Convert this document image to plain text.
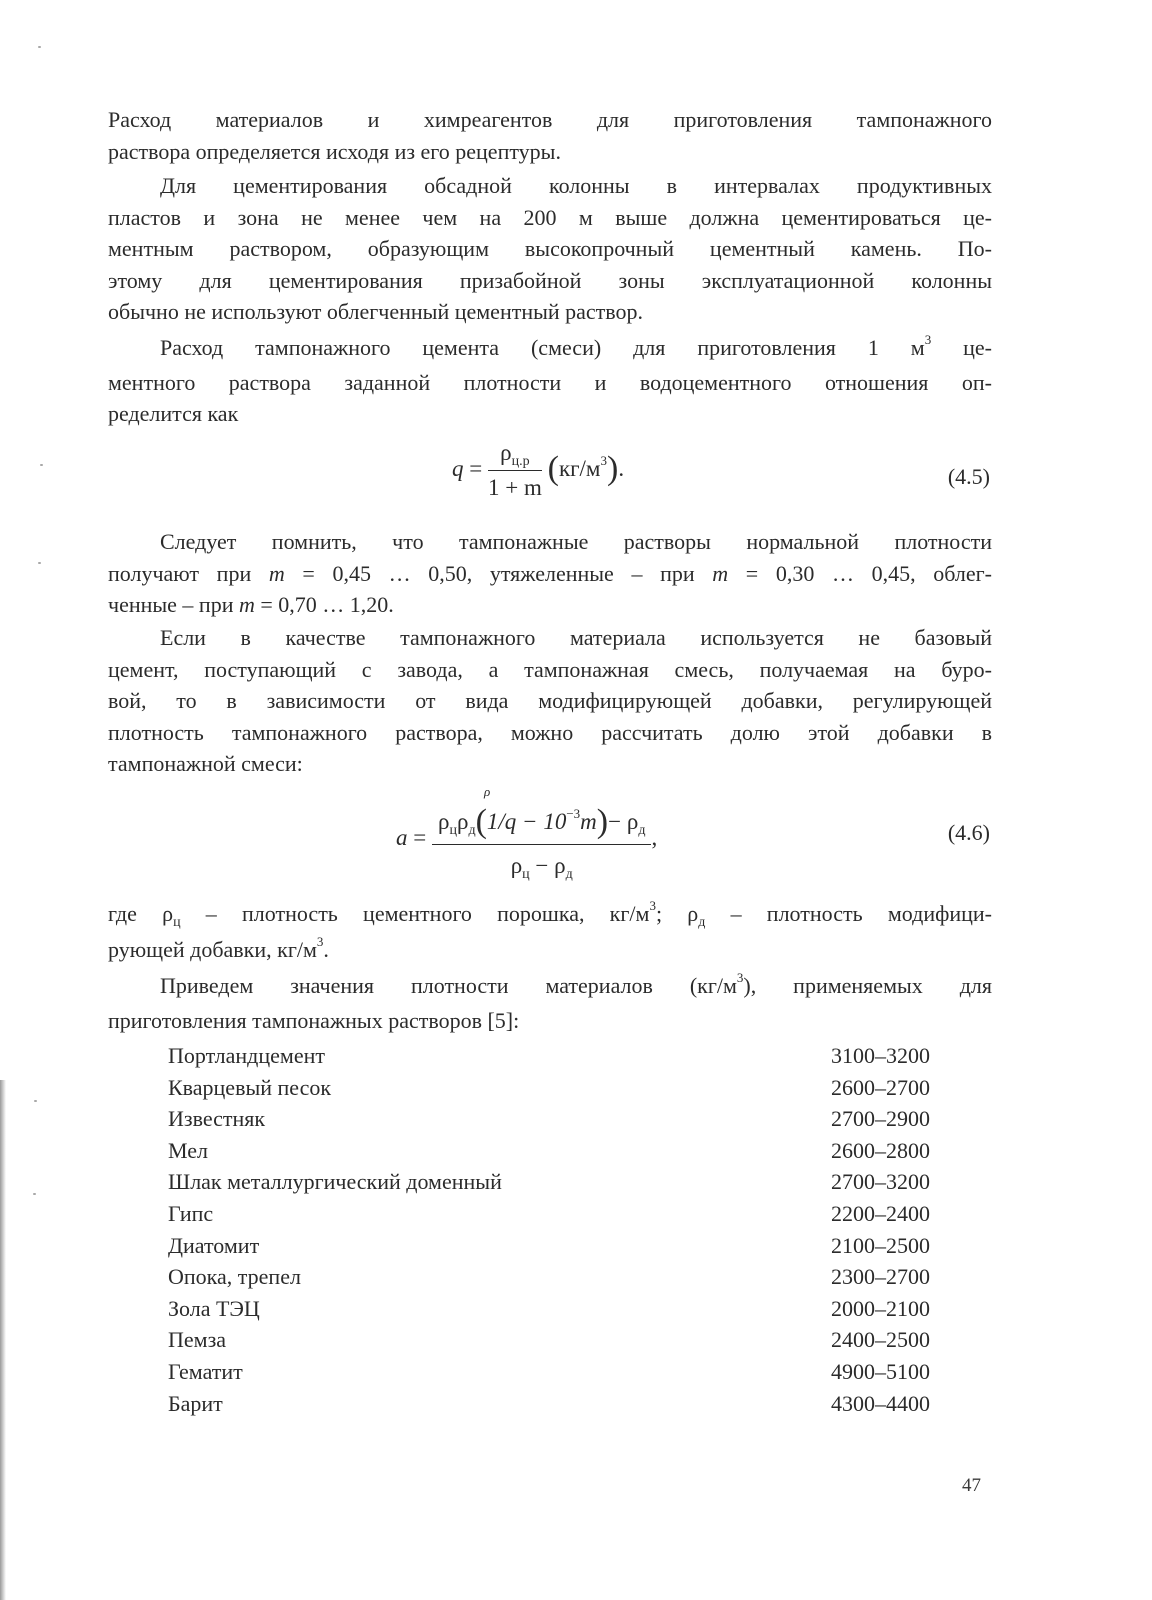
Расход материалов и химреагентов для приготовления тампонажного
раствора определяется исходя из его рецептуры.

Для цементирования обсадной колонны в интервалах продуктивных
пластов и зона не менее чем на 200 м выше должна цементироваться це-
ментным раствором, образующим высокопрочный цементный камень. По-
этому для цементирования призабойной зоны эксплуатационной колонны
обычно не используют облегченный цементный раствор.

Расход тампонажного цемента (смеси) для приготовления 1 $м^3$ це-
ментного раствора заданной плотности и водоцементного отношения оп-
ределится как

$q = \frac{\rho_{ц.р}}{1 + m} (кг/м^3)$.	(4.5)

Следует помнить, что тампонажные растворы нормальной плотности
получают при m = 0,45 … 0,50, утяжеленные – при m = 0,30 … 0,45, облег-
ченные – при m = 0,70 … 1,20.

Если в качестве тампонажного материала используется не базовый
цемент, поступающий с завода, а тампонажная смесь, получаемая на буро-
вой, то в зависимости от вида модифицирующей добавки, регулирующей
плотность тампонажного раствора, можно рассчитать долю этой добавки в
тампонажной смеси:

a =
ρ
$\rho_ц\rho_д(1/q - 10^{-3}m)- \rho_д$
$\rho_ц - \rho_д$
,	(4.6)

где $\rho_ц$ – плотность цементного порошка, $кг/м^3$; $\rho_д$ – плотность модифици-
рующей добавки, $кг/м^3$.

Приведем значения плотности материалов $(кг/м^3)$, применяемых для
приготовления тампонажных растворов [5]:

Портландцемент	3100–3200
Кварцевый песок	2600–2700
Известняк	2700–2900
Мел	2600–2800
Шлак металлургический доменный	2700–3200
Гипс	2200–2400
Диатомит	2100–2500
Опока, трепел	2300–2700
Зола ТЭЦ	2000–2100
Пемза	2400–2500
Гематит	4900–5100
Барит	4300–4400
47
